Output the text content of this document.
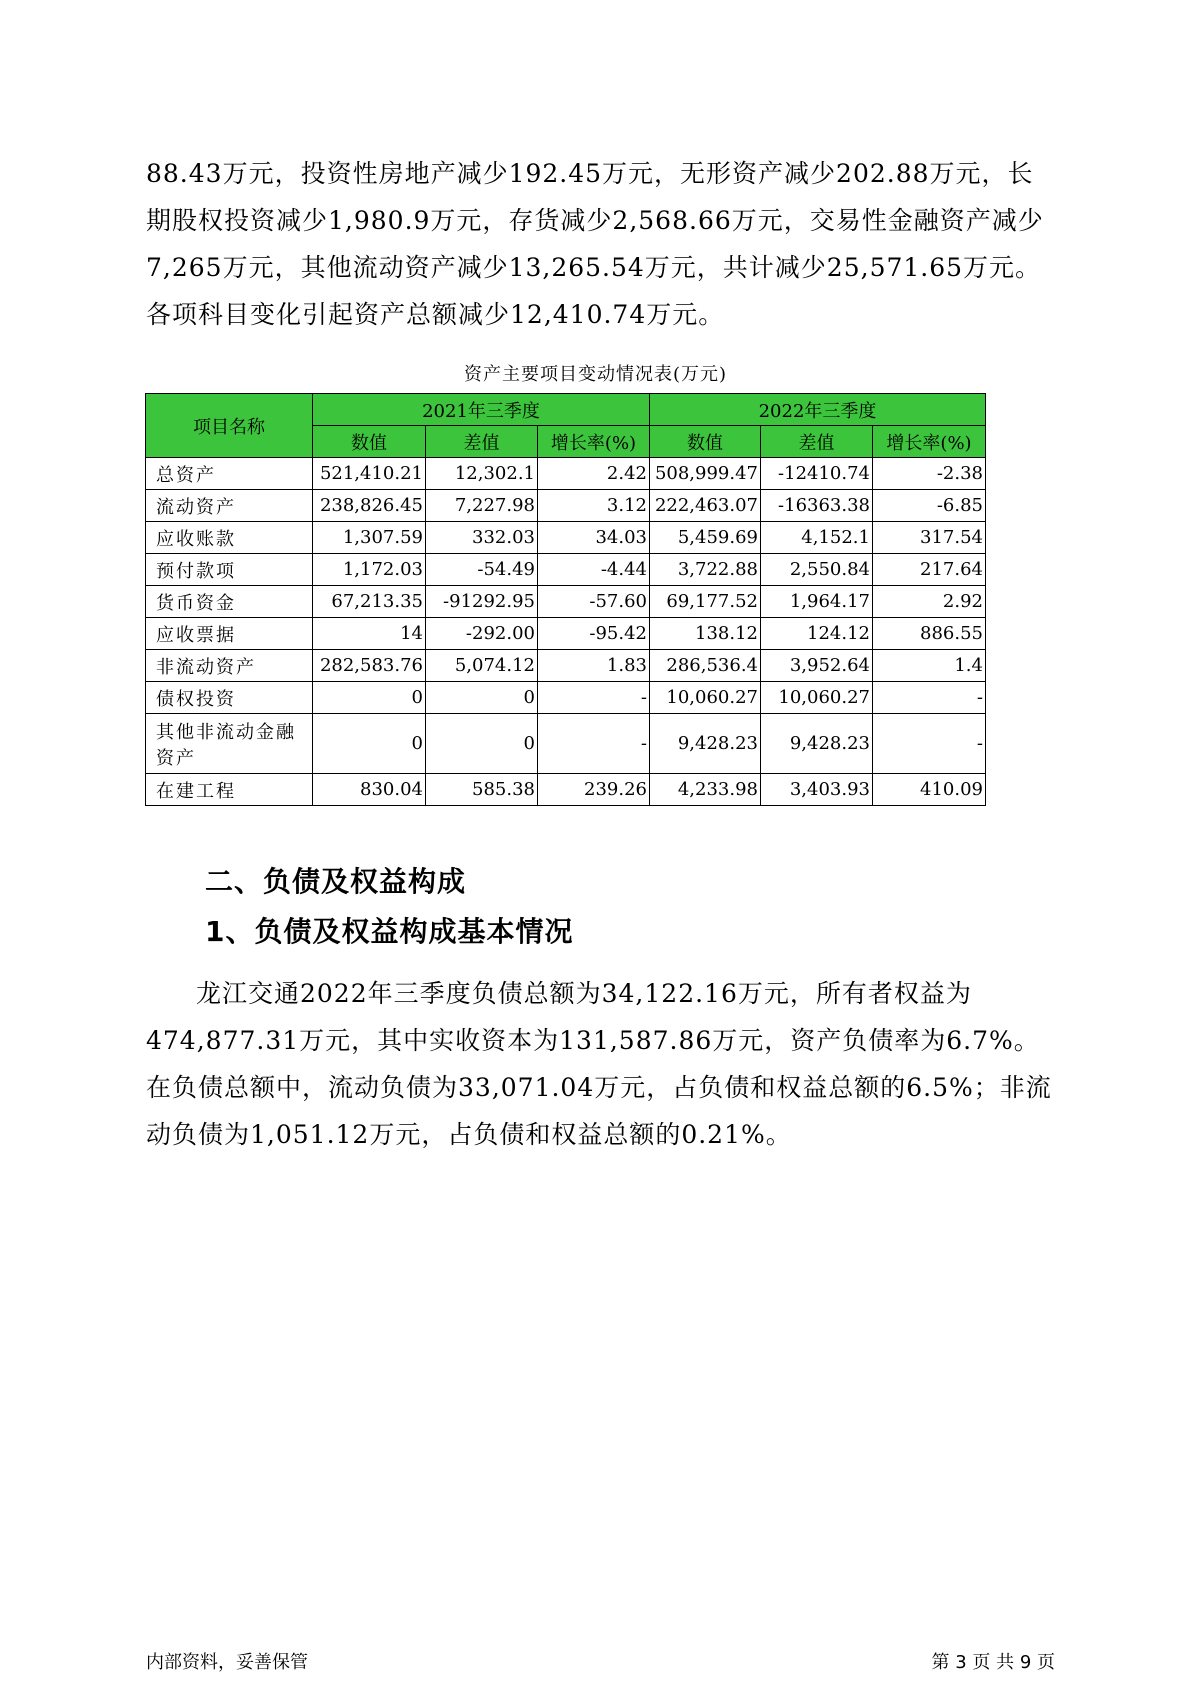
88.43万元，投资性房地产减少192.45万元，无形资产减少202.88万元，长期股权投资减少1,980.9万元，存货减少2,568.66万元，交易性金融资产减少7,265万元，其他流动资产减少13,265.54万元，共计减少25,571.65万元。各项科目变化引起资产总额减少12,410.74万元。

资产主要项目变动情况表(万元)
项目名称	2021年三季度			2022年三季度		
	数值	差值	增长率(%)	数值	差值	增长率(%)
总资产	521,410.21	12,302.1	2.42	508,999.47	-12410.74	-2.38
流动资产	238,826.45	7,227.98	3.12	222,463.07	-16363.38	-6.85
应收账款	1,307.59	332.03	34.03	5,459.69	4,152.1	317.54
预付款项	1,172.03	-54.49	-4.44	3,722.88	2,550.84	217.64
货币资金	67,213.35	-91292.95	-57.60	69,177.52	1,964.17	2.92
应收票据	14	-292.00	-95.42	138.12	124.12	886.55
非流动资产	282,583.76	5,074.12	1.83	286,536.4	3,952.64	1.4
债权投资	0	0	-	10,060.27	10,060.27	-
其他非流动金融资产	0	0	-	9,428.23	9,428.23	-
在建工程	830.04	585.38	239.26	4,233.98	3,403.93	410.09
二、负债及权益构成
1、负债及权益构成基本情况

龙江交通2022年三季度负债总额为34,122.16万元，所有者权益为474,877.31万元，其中实收资本为131,587.86万元，资产负债率为6.7%。在负债总额中，流动负债为33,071.04万元，占负债和权益总额的6.5%；非流动负债为1,051.12万元，占负债和权益总额的0.21%。

内部资料，妥善保管	第 3 页 共 9 页
